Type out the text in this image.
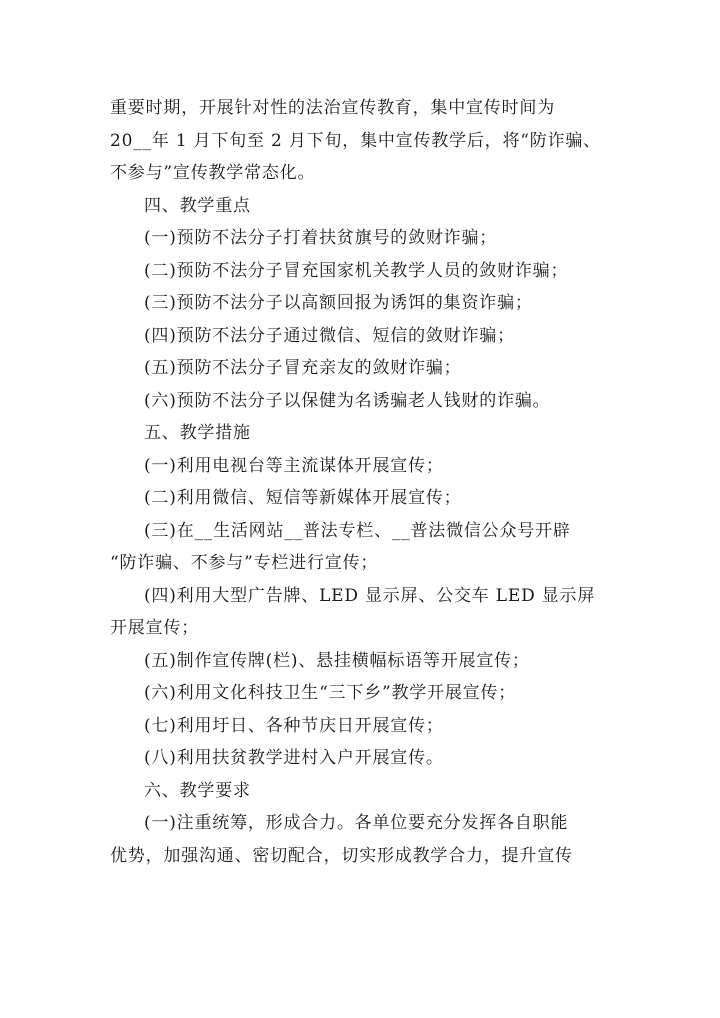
重要时期，开展针对性的法治宣传教育，集中宣传时间为
20__年 1 月下旬至 2 月下旬，集中宣传教学后，将“防诈骗、
不参与”宣传教学常态化。
四、教学重点
(一)预防不法分子打着扶贫旗号的敛财诈骗；
(二)预防不法分子冒充国家机关教学人员的敛财诈骗；
(三)预防不法分子以高额回报为诱饵的集资诈骗；
(四)预防不法分子通过微信、短信的敛财诈骗；
(五)预防不法分子冒充亲友的敛财诈骗；
(六)预防不法分子以保健为名诱骗老人钱财的诈骗。
五、教学措施
(一)利用电视台等主流谋体开展宣传；
(二)利用微信、短信等新媒体开展宣传；
(三)在__生活网站__普法专栏、__普法微信公众号开辟
“防诈骗、不参与”专栏进行宣传；
(四)利用大型广告牌、LED 显示屏、公交车 LED 显示屏
开展宣传；
(五)制作宣传牌(栏)、悬挂横幅标语等开展宣传；
(六)利用文化科技卫生“三下乡”教学开展宣传；
(七)利用圩日、各种节庆日开展宣传；
(八)利用扶贫教学进村入户开展宣传。
六、教学要求
(一)注重统筹，形成合力。各单位要充分发挥各自职能
优势，加强沟通、密切配合，切实形成教学合力，提升宣传
